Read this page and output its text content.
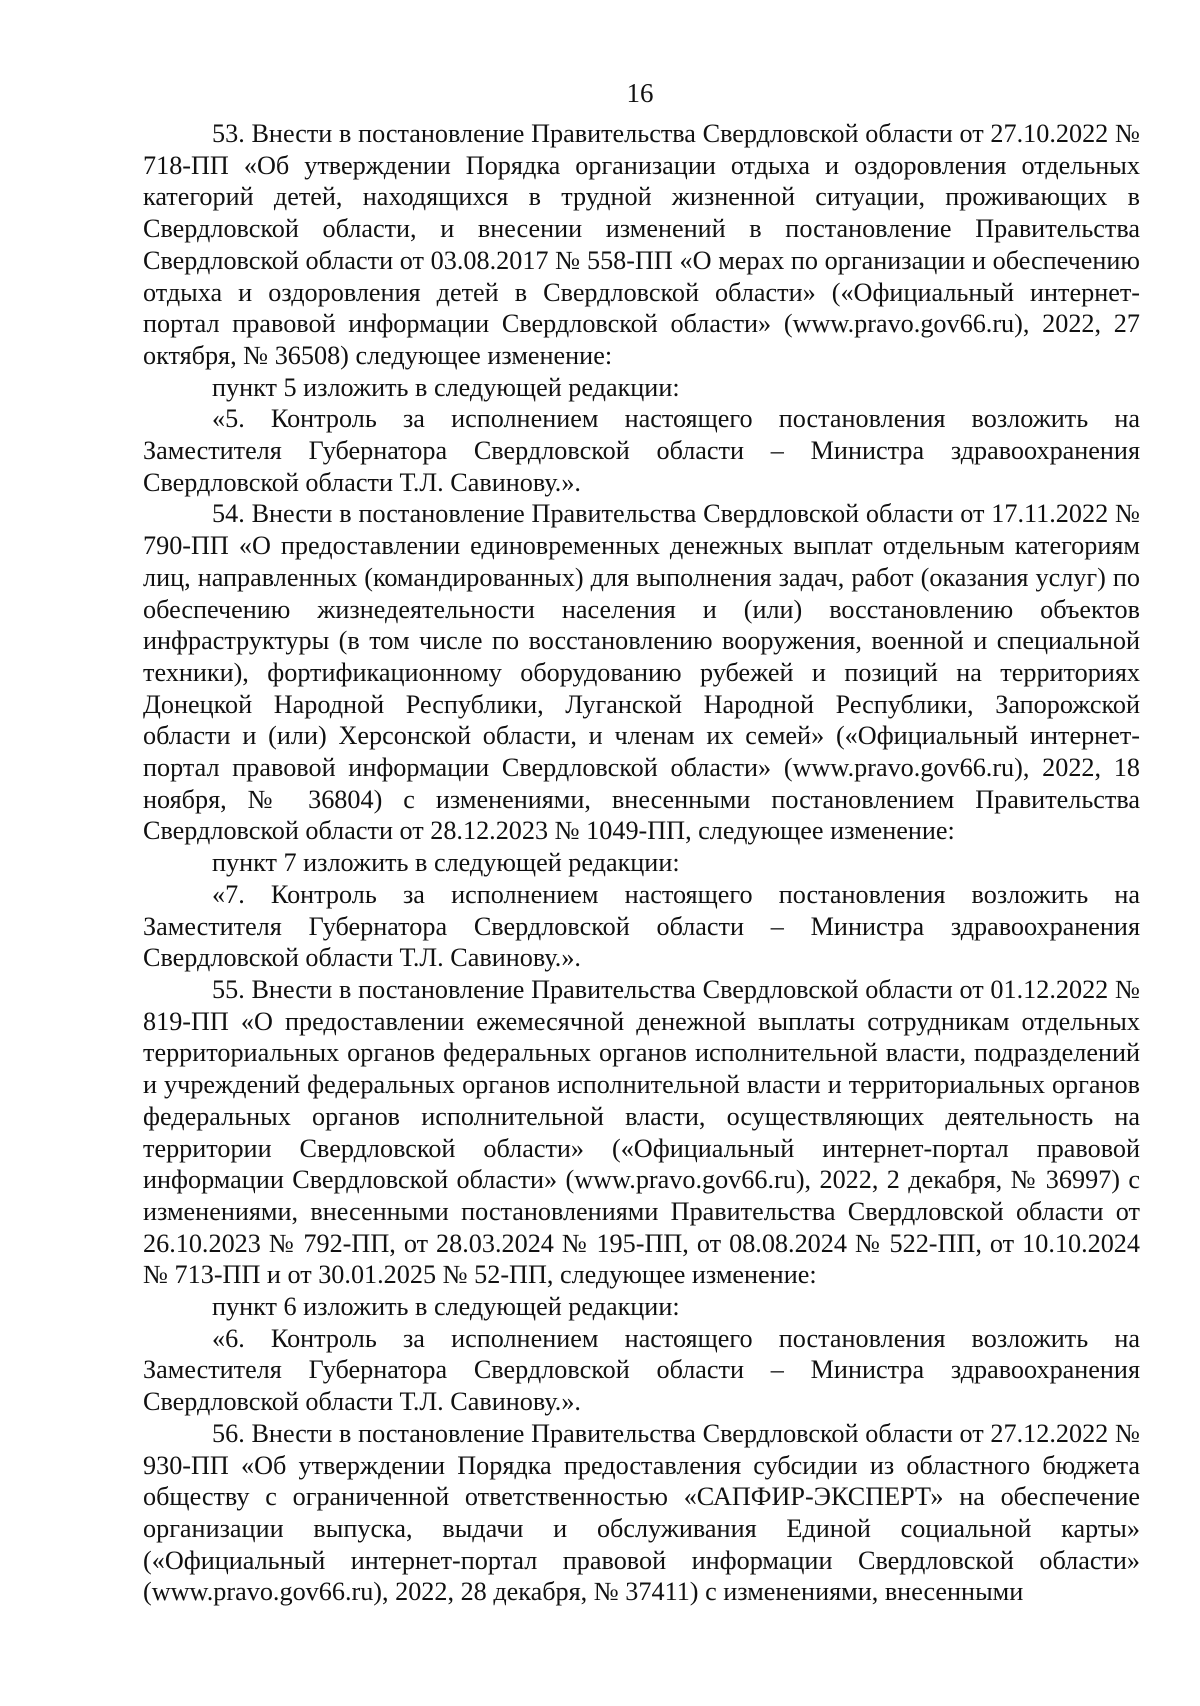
16

53. Внести в постановление Правительства Свердловской области от 27.10.2022 № 718-ПП «Об утверждении Порядка организации отдыха и оздоровления отдельных категорий детей, находящихся в трудной жизненной ситуации, проживающих в Свердловской области, и внесении изменений в постановление Правительства Свердловской области от 03.08.2017 № 558-ПП «О мерах по организации и обеспечению отдыха и оздоровления детей в Свердловской области» («Официальный интернет-портал правовой информации Свердловской области» (www.pravo.gov66.ru), 2022, 27 октября, № 36508) следующее изменение:

пункт 5 изложить в следующей редакции:

«5. Контроль за исполнением настоящего постановления возложить на Заместителя Губернатора Свердловской области – Министра здравоохранения Свердловской области Т.Л. Савинову.».

54. Внести в постановление Правительства Свердловской области от 17.11.2022 № 790-ПП «О предоставлении единовременных денежных выплат отдельным категориям лиц, направленных (командированных) для выполнения задач, работ (оказания услуг) по обеспечению жизнедеятельности населения и (или) восстановлению объектов инфраструктуры (в том числе по восстановлению вооружения, военной и специальной техники), фортификационному оборудованию рубежей и позиций на территориях Донецкой Народной Республики, Луганской Народной Республики, Запорожской области и (или) Херсонской области, и членам их семей» («Официальный интернет-портал правовой информации Свердловской области» (www.pravo.gov66.ru), 2022, 18 ноября, № 36804) с изменениями, внесенными постановлением Правительства Свердловской области от 28.12.2023 № 1049-ПП, следующее изменение:

пункт 7 изложить в следующей редакции:

«7. Контроль за исполнением настоящего постановления возложить на Заместителя Губернатора Свердловской области – Министра здравоохранения Свердловской области Т.Л. Савинову.».

55. Внести в постановление Правительства Свердловской области от 01.12.2022 № 819-ПП «О предоставлении ежемесячной денежной выплаты сотрудникам отдельных территориальных органов федеральных органов исполнительной власти, подразделений и учреждений федеральных органов исполнительной власти и территориальных органов федеральных органов исполнительной власти, осуществляющих деятельность на территории Свердловской области» («Официальный интернет-портал правовой информации Свердловской области» (www.pravo.gov66.ru), 2022, 2 декабря, № 36997) с изменениями, внесенными постановлениями Правительства Свердловской области от 26.10.2023 № 792-ПП, от 28.03.2024 № 195-ПП, от 08.08.2024 № 522-ПП, от 10.10.2024 № 713-ПП и от 30.01.2025 № 52-ПП, следующее изменение:

пункт 6 изложить в следующей редакции:

«6. Контроль за исполнением настоящего постановления возложить на Заместителя Губернатора Свердловской области – Министра здравоохранения Свердловской области Т.Л. Савинову.».

56. Внести в постановление Правительства Свердловской области от 27.12.2022 № 930-ПП «Об утверждении Порядка предоставления субсидии из областного бюджета обществу с ограниченной ответственностью «САПФИР-ЭКСПЕРТ» на обеспечение организации выпуска, выдачи и обслуживания Единой социальной карты» («Официальный интернет-портал правовой информации Свердловской области» (www.pravo.gov66.ru), 2022, 28 декабря, № 37411) с изменениями, внесенными
